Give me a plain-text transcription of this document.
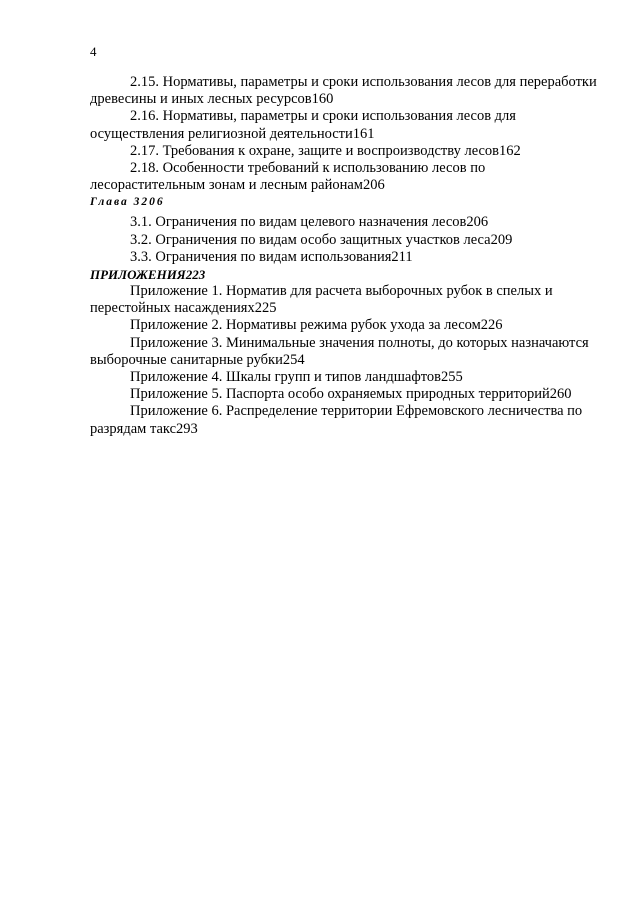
4

2.15. Нормативы, параметры и сроки использования лесов для переработки древесины и иных лесных ресурсов160

2.16. Нормативы, параметры и сроки использования лесов для осуществления религиозной деятельности161

2.17. Требования к охране, защите и воспроизводству лесов162

2.18. Особенности требований к использованию лесов по лесорастительным зонам и лесным районам206

Глава 3206

3.1. Ограничения по видам целевого назначения лесов206

3.2. Ограничения по видам особо защитных участков леса209

3.3. Ограничения по видам использования211

ПРИЛОЖЕНИЯ223

Приложение 1. Норматив для расчета выборочных рубок в спелых и перестойных насаждениях225

Приложение 2. Нормативы режима рубок ухода за лесом226

Приложение 3. Минимальные значения полноты, до которых назначаются выборочные санитарные рубки254

Приложение 4. Шкалы групп и типов ландшафтов255

Приложение 5. Паспорта особо охраняемых природных территорий260

Приложение 6. Распределение территории Ефремовского лесничества по разрядам такс293
